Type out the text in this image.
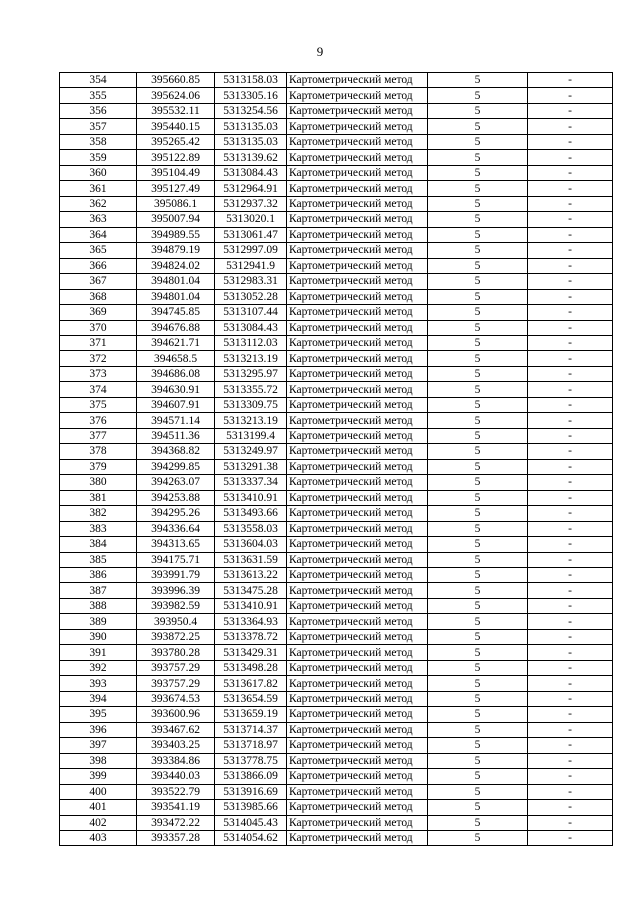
9
354	395660.85	5313158.03	Картометрический метод	5	-
355	395624.06	5313305.16	Картометрический метод	5	-
356	395532.11	5313254.56	Картометрический метод	5	-
357	395440.15	5313135.03	Картометрический метод	5	-
358	395265.42	5313135.03	Картометрический метод	5	-
359	395122.89	5313139.62	Картометрический метод	5	-
360	395104.49	5313084.43	Картометрический метод	5	-
361	395127.49	5312964.91	Картометрический метод	5	-
362	395086.1	5312937.32	Картометрический метод	5	-
363	395007.94	5313020.1	Картометрический метод	5	-
364	394989.55	5313061.47	Картометрический метод	5	-
365	394879.19	5312997.09	Картометрический метод	5	-
366	394824.02	5312941.9	Картометрический метод	5	-
367	394801.04	5312983.31	Картометрический метод	5	-
368	394801.04	5313052.28	Картометрический метод	5	-
369	394745.85	5313107.44	Картометрический метод	5	-
370	394676.88	5313084.43	Картометрический метод	5	-
371	394621.71	5313112.03	Картометрический метод	5	-
372	394658.5	5313213.19	Картометрический метод	5	-
373	394686.08	5313295.97	Картометрический метод	5	-
374	394630.91	5313355.72	Картометрический метод	5	-
375	394607.91	5313309.75	Картометрический метод	5	-
376	394571.14	5313213.19	Картометрический метод	5	-
377	394511.36	5313199.4	Картометрический метод	5	-
378	394368.82	5313249.97	Картометрический метод	5	-
379	394299.85	5313291.38	Картометрический метод	5	-
380	394263.07	5313337.34	Картометрический метод	5	-
381	394253.88	5313410.91	Картометрический метод	5	-
382	394295.26	5313493.66	Картометрический метод	5	-
383	394336.64	5313558.03	Картометрический метод	5	-
384	394313.65	5313604.03	Картометрический метод	5	-
385	394175.71	5313631.59	Картометрический метод	5	-
386	393991.79	5313613.22	Картометрический метод	5	-
387	393996.39	5313475.28	Картометрический метод	5	-
388	393982.59	5313410.91	Картометрический метод	5	-
389	393950.4	5313364.93	Картометрический метод	5	-
390	393872.25	5313378.72	Картометрический метод	5	-
391	393780.28	5313429.31	Картометрический метод	5	-
392	393757.29	5313498.28	Картометрический метод	5	-
393	393757.29	5313617.82	Картометрический метод	5	-
394	393674.53	5313654.59	Картометрический метод	5	-
395	393600.96	5313659.19	Картометрический метод	5	-
396	393467.62	5313714.37	Картометрический метод	5	-
397	393403.25	5313718.97	Картометрический метод	5	-
398	393384.86	5313778.75	Картометрический метод	5	-
399	393440.03	5313866.09	Картометрический метод	5	-
400	393522.79	5313916.69	Картометрический метод	5	-
401	393541.19	5313985.66	Картометрический метод	5	-
402	393472.22	5314045.43	Картометрический метод	5	-
403	393357.28	5314054.62	Картометрический метод	5	-
